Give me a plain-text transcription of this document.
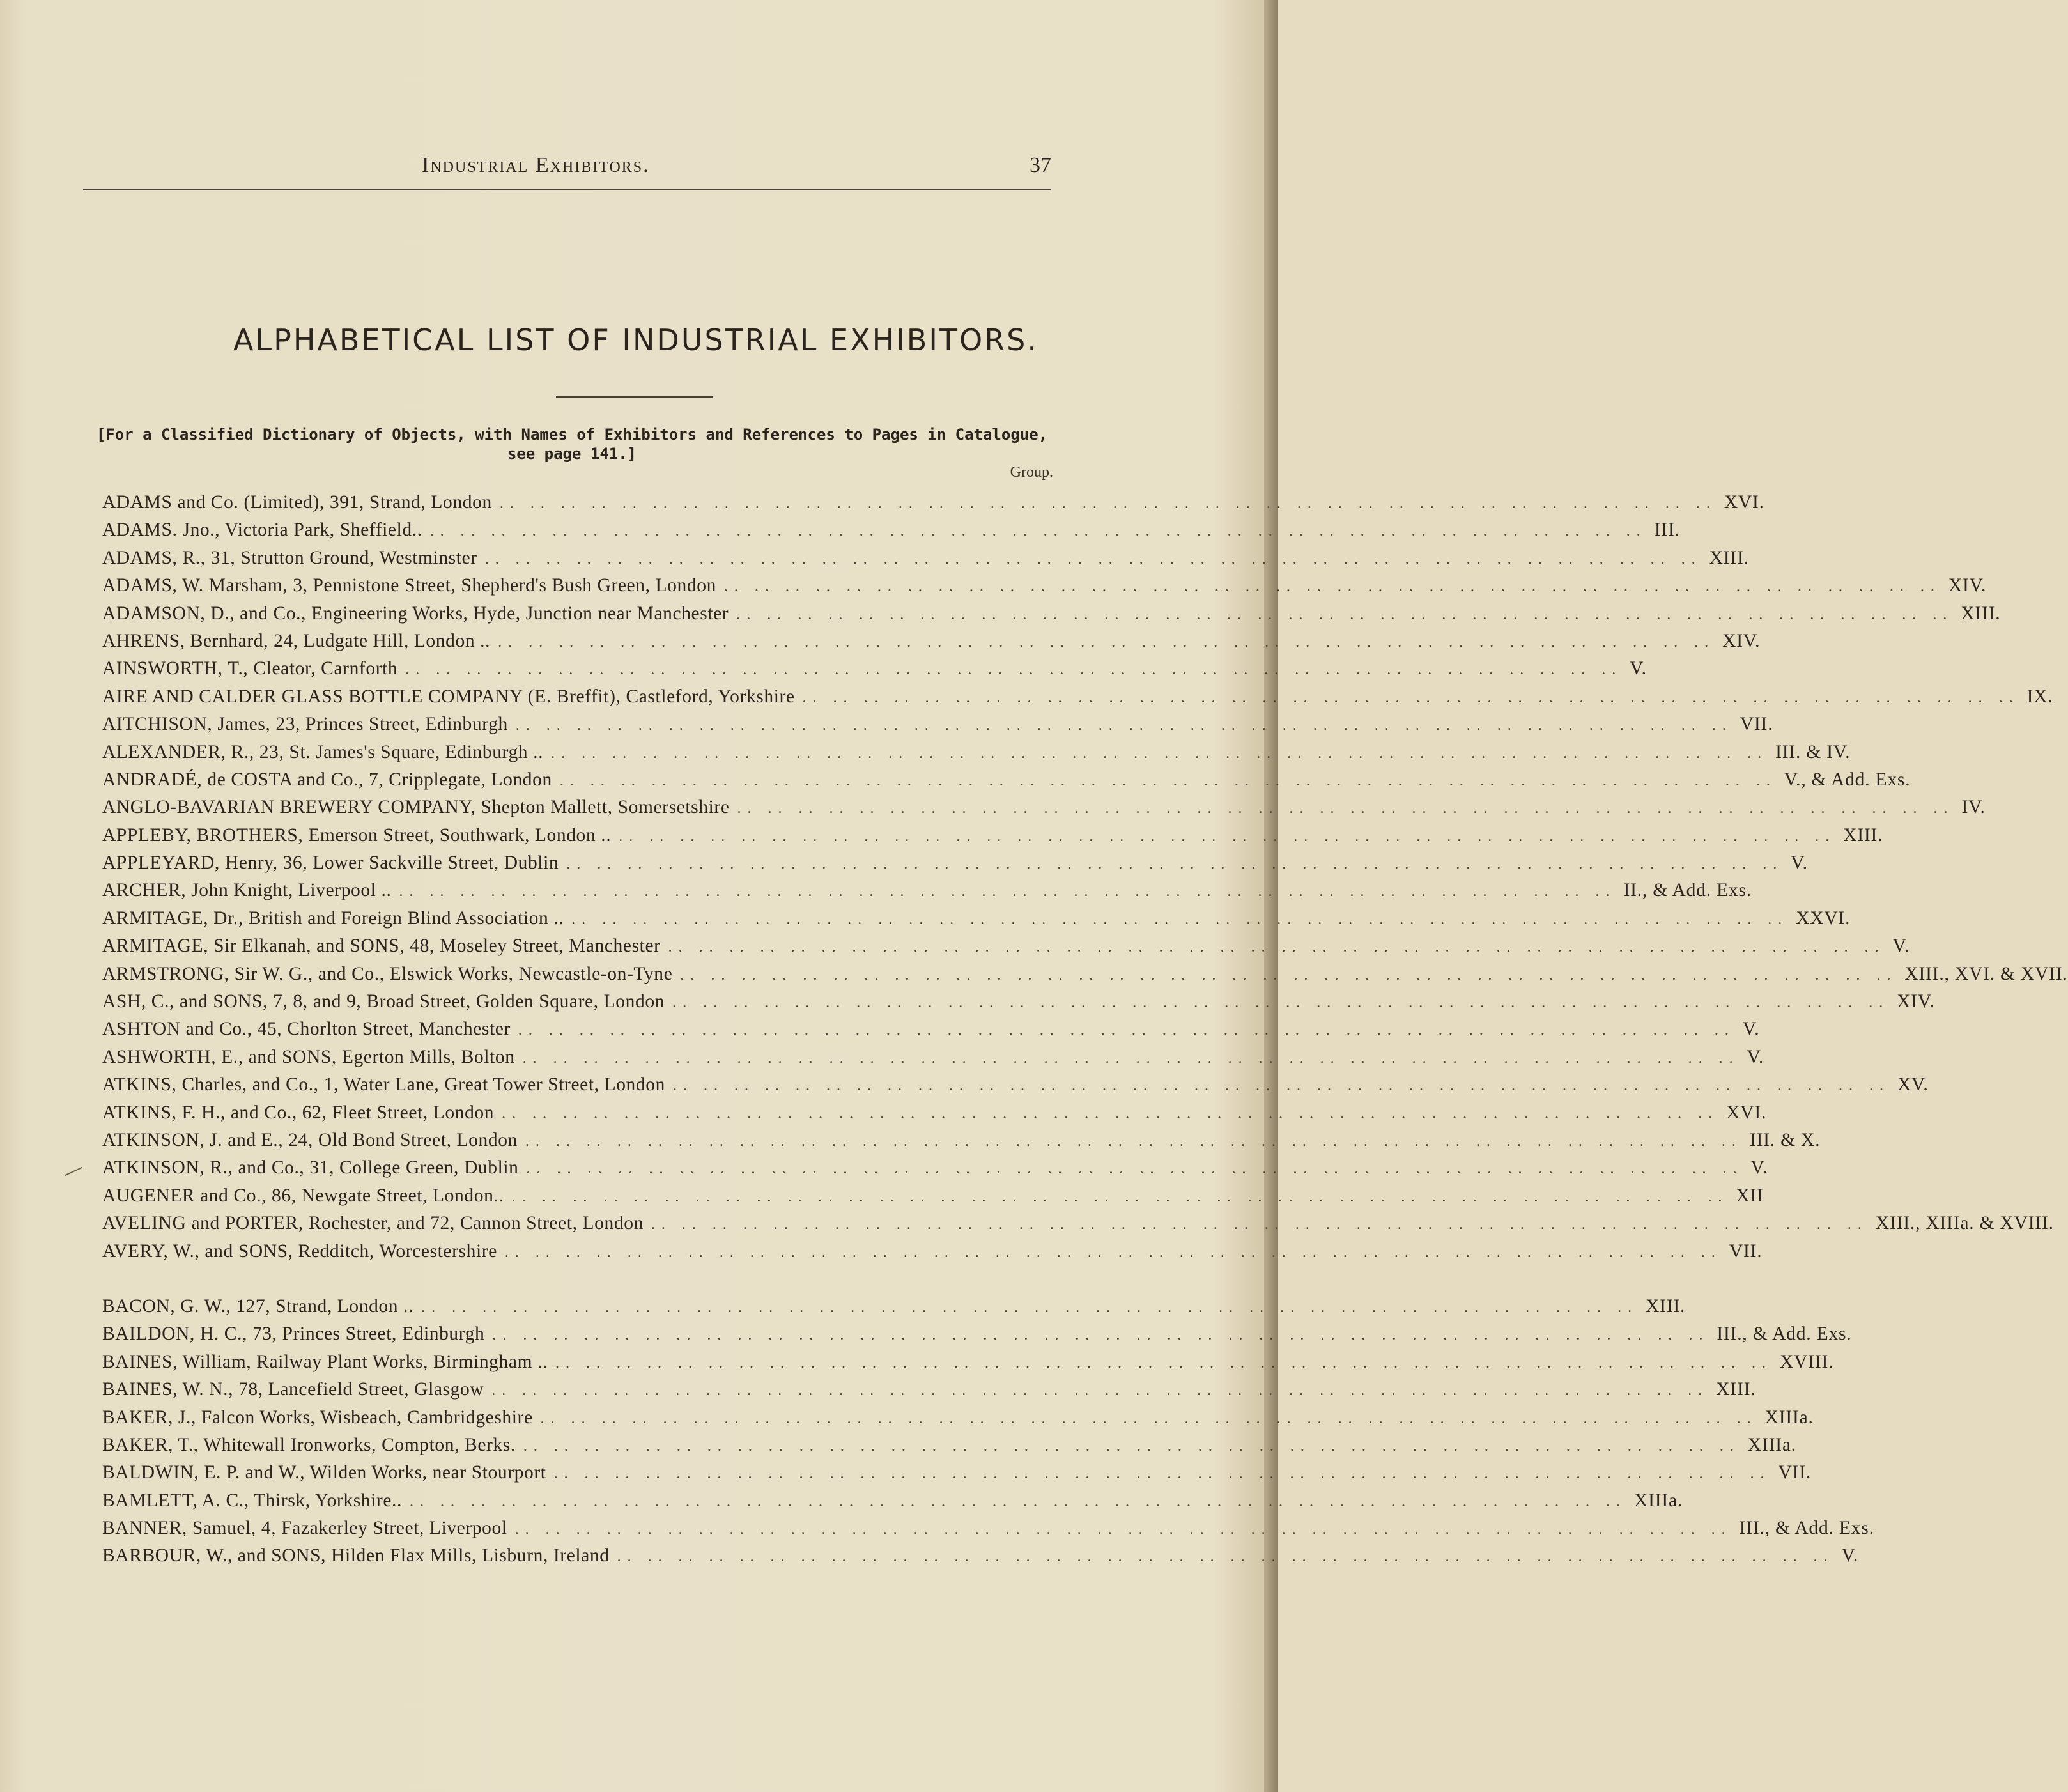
Industrial Exhibitors.	37
ALPHABETICAL LIST OF INDUSTRIAL EXHIBITORS.
[For a Classified Dictionary of Objects, with Names of Exhibitors and References to Pages in Catalogue, see page 141.]
Group.
ADAMS and Co. (Limited), 391, Strand, London .. .. .. .. .. .. .. .. .. .. .. .. .. .. .. .. .. .. .. .. .. .. .. .. .. .. .. .. .. .. .. .. .. .. .. .. .. .. .. .. XVI.
ADAMS. Jno., Victoria Park, Sheffield.. .. .. .. .. .. .. .. .. .. .. .. .. .. .. .. .. .. .. .. .. .. .. .. .. .. .. .. .. .. .. .. .. .. .. .. .. .. .. .. .. III.
ADAMS, R., 31, Strutton Ground, Westminster .. .. .. .. .. .. .. .. .. .. .. .. .. .. .. .. .. .. .. .. .. .. .. .. .. .. .. .. .. .. .. .. .. .. .. .. .. .. .. .. XIII.
ADAMS, W. Marsham, 3, Pennistone Street, Shepherd's Bush Green, London .. .. .. .. .. .. .. .. .. .. .. .. .. .. .. .. .. .. .. .. .. .. .. .. .. .. .. .. .. .. .. .. .. .. .. .. .. .. .. .. XIV.
ADAMSON, D., and Co., Engineering Works, Hyde, Junction near Manchester .. .. .. .. .. .. .. .. .. .. .. .. .. .. .. .. .. .. .. .. .. .. .. .. .. .. .. .. .. .. .. .. .. .. .. .. .. .. .. .. XIII.
AHRENS, Bernhard, 24, Ludgate Hill, London .. .. .. .. .. .. .. .. .. .. .. .. .. .. .. .. .. .. .. .. .. .. .. .. .. .. .. .. .. .. .. .. .. .. .. .. .. .. .. .. .. XIV.
AINSWORTH, T., Cleator, Carnforth .. .. .. .. .. .. .. .. .. .. .. .. .. .. .. .. .. .. .. .. .. .. .. .. .. .. .. .. .. .. .. .. .. .. .. .. .. .. .. .. V.
AIRE AND CALDER GLASS BOTTLE COMPANY (E. Breffit), Castleford, Yorkshire .. .. .. .. .. .. .. .. .. .. .. .. .. .. .. .. .. .. .. .. .. .. .. .. .. .. .. .. .. .. .. .. .. .. .. .. .. .. .. .. IX.
AITCHISON, James, 23, Princes Street, Edinburgh .. .. .. .. .. .. .. .. .. .. .. .. .. .. .. .. .. .. .. .. .. .. .. .. .. .. .. .. .. .. .. .. .. .. .. .. .. .. .. .. VII.
ALEXANDER, R., 23, St. James's Square, Edinburgh .. .. .. .. .. .. .. .. .. .. .. .. .. .. .. .. .. .. .. .. .. .. .. .. .. .. .. .. .. .. .. .. .. .. .. .. .. .. .. .. .. III. & IV.
ANDRADÉ, de COSTA and Co., 7, Cripplegate, London .. .. .. .. .. .. .. .. .. .. .. .. .. .. .. .. .. .. .. .. .. .. .. .. .. .. .. .. .. .. .. .. .. .. .. .. .. .. .. .. V., & Add. Exs.
ANGLO-BAVARIAN BREWERY COMPANY, Shepton Mallett, Somersetshire .. .. .. .. .. .. .. .. .. .. .. .. .. .. .. .. .. .. .. .. .. .. .. .. .. .. .. .. .. .. .. .. .. .. .. .. .. .. .. .. IV.
APPLEBY, BROTHERS, Emerson Street, Southwark, London .. .. .. .. .. .. .. .. .. .. .. .. .. .. .. .. .. .. .. .. .. .. .. .. .. .. .. .. .. .. .. .. .. .. .. .. .. .. .. .. .. XIII.
APPLEYARD, Henry, 36, Lower Sackville Street, Dublin .. .. .. .. .. .. .. .. .. .. .. .. .. .. .. .. .. .. .. .. .. .. .. .. .. .. .. .. .. .. .. .. .. .. .. .. .. .. .. .. V.
ARCHER, John Knight, Liverpool .. .. .. .. .. .. .. .. .. .. .. .. .. .. .. .. .. .. .. .. .. .. .. .. .. .. .. .. .. .. .. .. .. .. .. .. .. .. .. .. .. II., & Add. Exs.
ARMITAGE, Dr., British and Foreign Blind Association .. .. .. .. .. .. .. .. .. .. .. .. .. .. .. .. .. .. .. .. .. .. .. .. .. .. .. .. .. .. .. .. .. .. .. .. .. .. .. .. .. XXVI.
ARMITAGE, Sir Elkanah, and SONS, 48, Moseley Street, Manchester .. .. .. .. .. .. .. .. .. .. .. .. .. .. .. .. .. .. .. .. .. .. .. .. .. .. .. .. .. .. .. .. .. .. .. .. .. .. .. .. V.
ARMSTRONG, Sir W. G., and Co., Elswick Works, Newcastle-on-Tyne .. .. .. .. .. .. .. .. .. .. .. .. .. .. .. .. .. .. .. .. .. .. .. .. .. .. .. .. .. .. .. .. .. .. .. .. .. .. .. .. XIII., XVI. & XVII.
ASH, C., and SONS, 7, 8, and 9, Broad Street, Golden Square, London .. .. .. .. .. .. .. .. .. .. .. .. .. .. .. .. .. .. .. .. .. .. .. .. .. .. .. .. .. .. .. .. .. .. .. .. .. .. .. .. XIV.
ASHTON and Co., 45, Chorlton Street, Manchester .. .. .. .. .. .. .. .. .. .. .. .. .. .. .. .. .. .. .. .. .. .. .. .. .. .. .. .. .. .. .. .. .. .. .. .. .. .. .. .. V.
ASHWORTH, E., and SONS, Egerton Mills, Bolton .. .. .. .. .. .. .. .. .. .. .. .. .. .. .. .. .. .. .. .. .. .. .. .. .. .. .. .. .. .. .. .. .. .. .. .. .. .. .. .. V.
ATKINS, Charles, and Co., 1, Water Lane, Great Tower Street, London .. .. .. .. .. .. .. .. .. .. .. .. .. .. .. .. .. .. .. .. .. .. .. .. .. .. .. .. .. .. .. .. .. .. .. .. .. .. .. .. XV.
ATKINS, F. H., and Co., 62, Fleet Street, London .. .. .. .. .. .. .. .. .. .. .. .. .. .. .. .. .. .. .. .. .. .. .. .. .. .. .. .. .. .. .. .. .. .. .. .. .. .. .. .. XVI.
ATKINSON, J. and E., 24, Old Bond Street, London .. .. .. .. .. .. .. .. .. .. .. .. .. .. .. .. .. .. .. .. .. .. .. .. .. .. .. .. .. .. .. .. .. .. .. .. .. .. .. .. III. & X.
ATKINSON, R., and Co., 31, College Green, Dublin .. .. .. .. .. .. .. .. .. .. .. .. .. .. .. .. .. .. .. .. .. .. .. .. .. .. .. .. .. .. .. .. .. .. .. .. .. .. .. .. V.
AUGENER and Co., 86, Newgate Street, London.. .. .. .. .. .. .. .. .. .. .. .. .. .. .. .. .. .. .. .. .. .. .. .. .. .. .. .. .. .. .. .. .. .. .. .. .. .. .. .. .. XII
AVELING and PORTER, Rochester, and 72, Cannon Street, London .. .. .. .. .. .. .. .. .. .. .. .. .. .. .. .. .. .. .. .. .. .. .. .. .. .. .. .. .. .. .. .. .. .. .. .. .. .. .. .. XIII., XIIIa. & XVIII.
AVERY, W., and SONS, Redditch, Worcestershire .. .. .. .. .. .. .. .. .. .. .. .. .. .. .. .. .. .. .. .. .. .. .. .. .. .. .. .. .. .. .. .. .. .. .. .. .. .. .. .. VII.
BACON, G. W., 127, Strand, London .. .. .. .. .. .. .. .. .. .. .. .. .. .. .. .. .. .. .. .. .. .. .. .. .. .. .. .. .. .. .. .. .. .. .. .. .. .. .. .. .. XIII.
BAILDON, H. C., 73, Princes Street, Edinburgh .. .. .. .. .. .. .. .. .. .. .. .. .. .. .. .. .. .. .. .. .. .. .. .. .. .. .. .. .. .. .. .. .. .. .. .. .. .. .. .. III., & Add. Exs.
BAINES, William, Railway Plant Works, Birmingham .. .. .. .. .. .. .. .. .. .. .. .. .. .. .. .. .. .. .. .. .. .. .. .. .. .. .. .. .. .. .. .. .. .. .. .. .. .. .. .. .. XVIII.
BAINES, W. N., 78, Lancefield Street, Glasgow .. .. .. .. .. .. .. .. .. .. .. .. .. .. .. .. .. .. .. .. .. .. .. .. .. .. .. .. .. .. .. .. .. .. .. .. .. .. .. .. XIII.
BAKER, J., Falcon Works, Wisbeach, Cambridgeshire .. .. .. .. .. .. .. .. .. .. .. .. .. .. .. .. .. .. .. .. .. .. .. .. .. .. .. .. .. .. .. .. .. .. .. .. .. .. .. .. XIIIa.
BAKER, T., Whitewall Ironworks, Compton, Berks. .. .. .. .. .. .. .. .. .. .. .. .. .. .. .. .. .. .. .. .. .. .. .. .. .. .. .. .. .. .. .. .. .. .. .. .. .. .. .. .. XIIIa.
BALDWIN, E. P. and W., Wilden Works, near Stourport .. .. .. .. .. .. .. .. .. .. .. .. .. .. .. .. .. .. .. .. .. .. .. .. .. .. .. .. .. .. .. .. .. .. .. .. .. .. .. .. VII.
BAMLETT, A. C., Thirsk, Yorkshire.. .. .. .. .. .. .. .. .. .. .. .. .. .. .. .. .. .. .. .. .. .. .. .. .. .. .. .. .. .. .. .. .. .. .. .. .. .. .. .. .. XIIIa.
BANNER, Samuel, 4, Fazakerley Street, Liverpool .. .. .. .. .. .. .. .. .. .. .. .. .. .. .. .. .. .. .. .. .. .. .. .. .. .. .. .. .. .. .. .. .. .. .. .. .. .. .. .. III., & Add. Exs.
BARBOUR, W., and SONS, Hilden Flax Mills, Lisburn, Ireland .. .. .. .. .. .. .. .. .. .. .. .. .. .. .. .. .. .. .. .. .. .. .. .. .. .. .. .. .. .. .. .. .. .. .. .. .. .. .. .. V.
